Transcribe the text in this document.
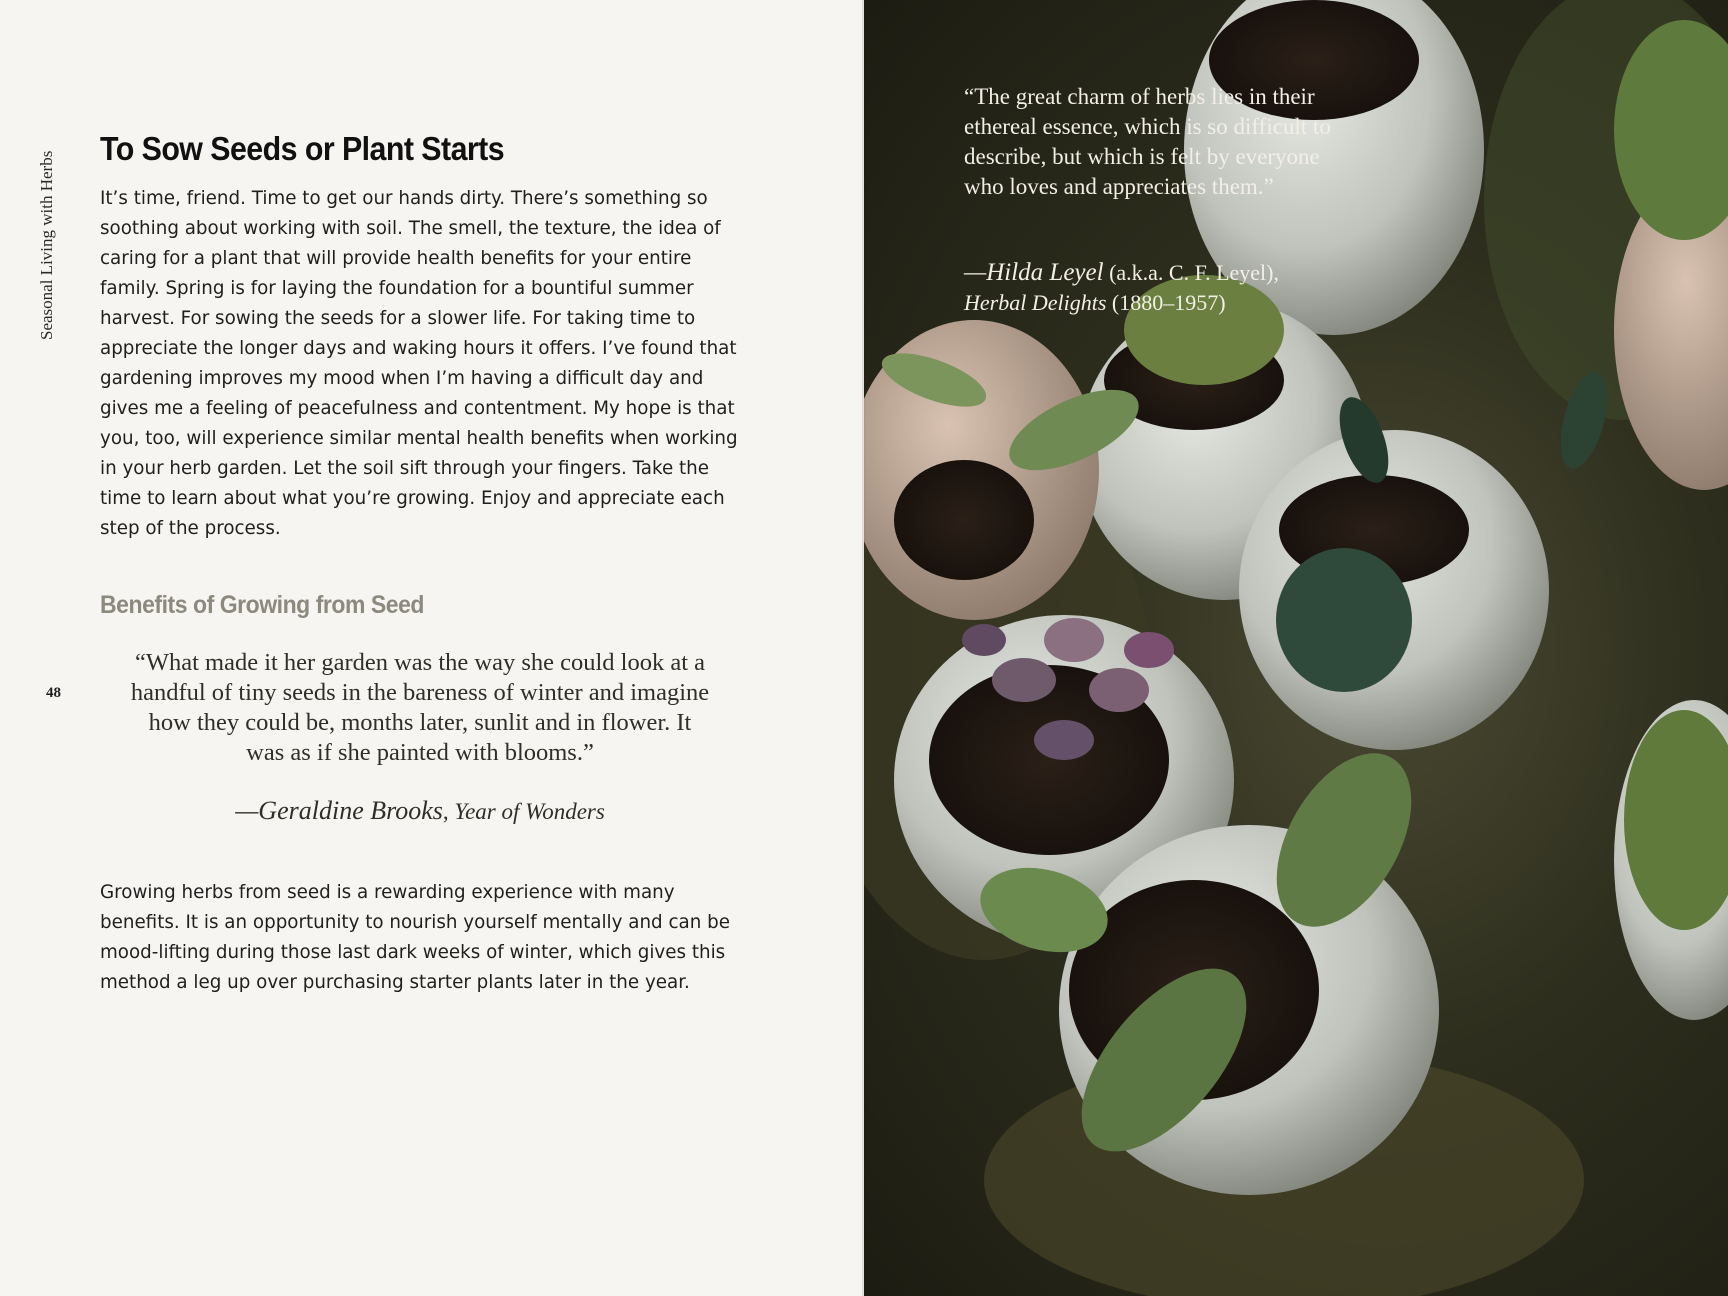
Seasonal Living with Herbs
48
To Sow Seeds or Plant Starts

It’s time, friend. Time to get our hands dirty. There’s something so soothing about working with soil. The smell, the texture, the idea of caring for a plant that will provide health benefits for your entire family. Spring is for laying the foundation for a bountiful summer harvest. For sowing the seeds for a slower life. For taking time to appreciate the longer days and waking hours it offers. I’ve found that gardening improves my mood when I’m having a difficult day and gives me a feeling of peacefulness and contentment. My hope is that you, too, will experience similar mental health benefits when working in your herb garden. Let the soil sift through your fingers. Take the time to learn about what you’re growing. Enjoy and appreciate each step of the process.

Benefits of Growing from Seed

“What made it her garden was the way she could look at a handful of tiny seeds in the bareness of winter and imagine how they could be, months later, sunlit and in flower. It was as if she painted with blooms.”

—Geraldine Brooks, Year of Wonders

Growing herbs from seed is a rewarding experience with many benefits. It is an opportunity to nourish yourself mentally and can be mood-lifting during those last dark weeks of winter, which gives this method a leg up over purchasing starter plants later in the year.

“The great charm of herbs lies in their ethereal essence, which is so difficult to describe, but which is felt by everyone who loves and appreciates them.”
—Hilda Leyel (a.k.a. C. F. Leyel),
Herbal Delights (1880–1957)
